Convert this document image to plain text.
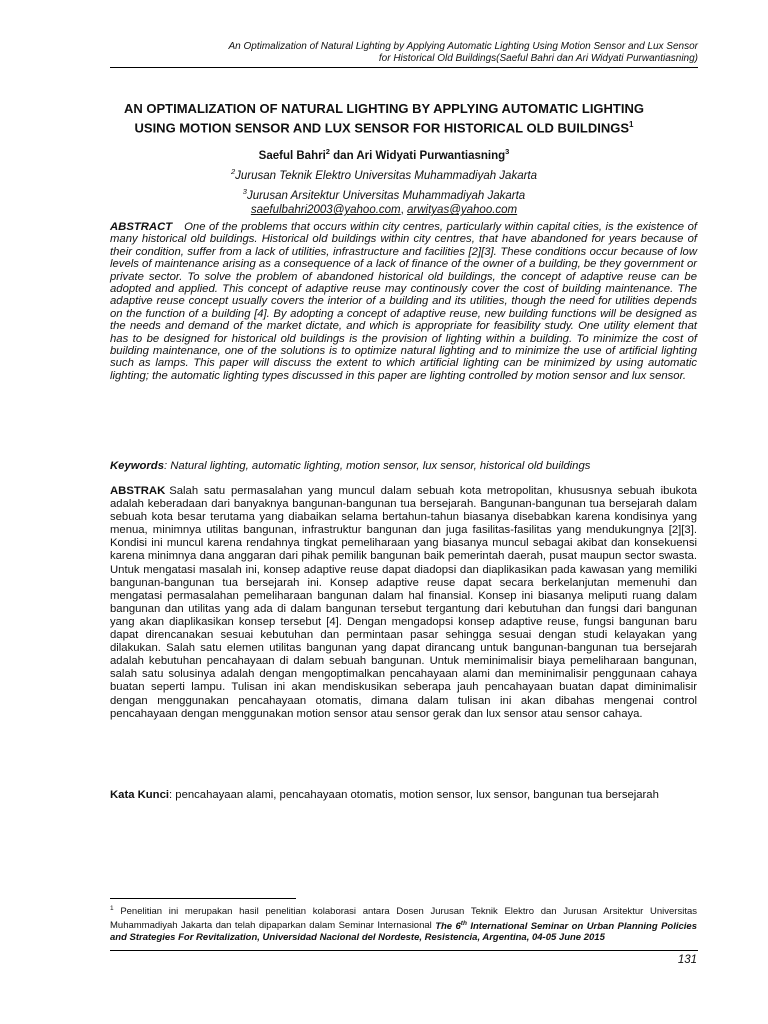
An Optimalization of Natural Lighting by Applying Automatic Lighting Using Motion Sensor and Lux Sensor
for Historical Old Buildings(Saeful Bahri dan Ari Widyati Purwantiasning)
AN OPTIMALIZATION OF NATURAL LIGHTING BY APPLYING AUTOMATIC LIGHTING
USING MOTION SENSOR AND LUX SENSOR FOR HISTORICAL OLD BUILDINGS$^1$
Saeful Bahri$^2$ dan Ari Widyati Purwantiasning$^3$
$^2$Jurusan Teknik Elektro Universitas Muhammadiyah Jakarta
$^3$Jurusan Arsitektur Universitas Muhammadiyah Jakarta
saefulbahri2003@yahoo.com, arwityas@yahoo.com

ABSTRACT One of the problems that occurs within city centres, particularly within capital cities, is the existence of many historical old buildings. Historical old buildings within city centres, that have abandoned for years because of their condition, suffer from a lack of utilities, infrastructure and facilities [2][3]. These conditions occur because of low levels of maintenance arising as a consequence of a lack of finance of the owner of a building, be they government or private sector. To solve the problem of abandoned historical old buildings, the concept of adaptive reuse can be adopted and applied. This concept of adaptive reuse may continously cover the cost of building maintenance. The adaptive reuse concept usually covers the interior of a building and its utilities, though the need for utilities depends on the function of a building [4]. By adopting a concept of adaptive reuse, new building functions will be designed as the needs and demand of the market dictate, and which is appropriate for feasibility study. One utility element that has to be designed for historical old buildings is the provision of lighting within a building. To minimize the cost of building maintenance, one of the solutions is to optimize natural lighting and to minimize the use of artificial lighting such as lamps. This paper will discuss the extent to which artificial lighting can be minimized by using automatic lighting; the automatic lighting types discussed in this paper are lighting controlled by motion sensor and lux sensor.

Keywords: Natural lighting, automatic lighting, motion sensor, lux sensor, historical old buildings

ABSTRAK Salah satu permasalahan yang muncul dalam sebuah kota metropolitan, khususnya sebuah ibukota adalah keberadaan dari banyaknya bangunan-bangunan tua bersejarah. Bangunan-bangunan tua bersejarah dalam sebuah kota besar terutama yang diabaikan selama bertahun-tahun biasanya disebabkan karena kondisinya yang menua, minimnya utilitas bangunan, infrastruktur bangunan dan juga fasilitas-fasilitas yang mendukungnya [2][3]. Kondisi ini muncul karena rendahnya tingkat pemeliharaan yang biasanya muncul sebagai akibat dan konsekuensi karena minimnya dana anggaran dari pihak pemilik bangunan baik pemerintah daerah, pusat maupun sector swasta. Untuk mengatasi masalah ini, konsep adaptive reuse dapat diadopsi dan diaplikasikan pada kawasan yang memiliki bangunan-bangunan tua bersejarah ini. Konsep adaptive reuse dapat secara berkelanjutan memenuhi dan mengatasi permasalahan pemeliharaan bangunan dalam hal finansial. Konsep ini biasanya meliputi ruang dalam bangunan dan utilitas yang ada di dalam bangunan tersebut tergantung dari kebutuhan dan fungsi dari bangunan yang akan diaplikasikan konsep tersebut [4]. Dengan mengadopsi konsep adaptive reuse, fungsi bangunan baru dapat direncanakan sesuai kebutuhan dan permintaan pasar sehingga sesuai dengan studi kelayakan yang dilakukan. Salah satu elemen utilitas bangunan yang dapat dirancang untuk bangunan-bangunan tua bersejarah adalah kebutuhan pencahayaan di dalam sebuah bangunan. Untuk meminimalisir biaya pemeliharaan bangunan, salah satu solusinya adalah dengan mengoptimalkan pencahayaan alami dan meminimalisir penggunaan cahaya buatan seperti lampu. Tulisan ini akan mendiskusikan seberapa jauh pencahayaan buatan dapat diminimalisir dengan menggunakan pencahayaan otomatis, dimana dalam tulisan ini akan dibahas mengenai control pencahayaan dengan menggunakan motion sensor atau sensor gerak dan lux sensor atau sensor cahaya.

Kata Kunci: pencahayaan alami, pencahayaan otomatis, motion sensor, lux sensor, bangunan tua bersejarah

$^1$ Penelitian ini merupakan hasil penelitian kolaborasi antara Dosen Jurusan Teknik Elektro dan Jurusan Arsitektur Universitas Muhammadiyah Jakarta dan telah dipaparkan dalam Seminar Internasional The 6th International Seminar on Urban Planning Policies and Strategies For Revitalization, Universidad Nacional del Nordeste, Resistencia, Argentina, 04-05 June 2015

131
